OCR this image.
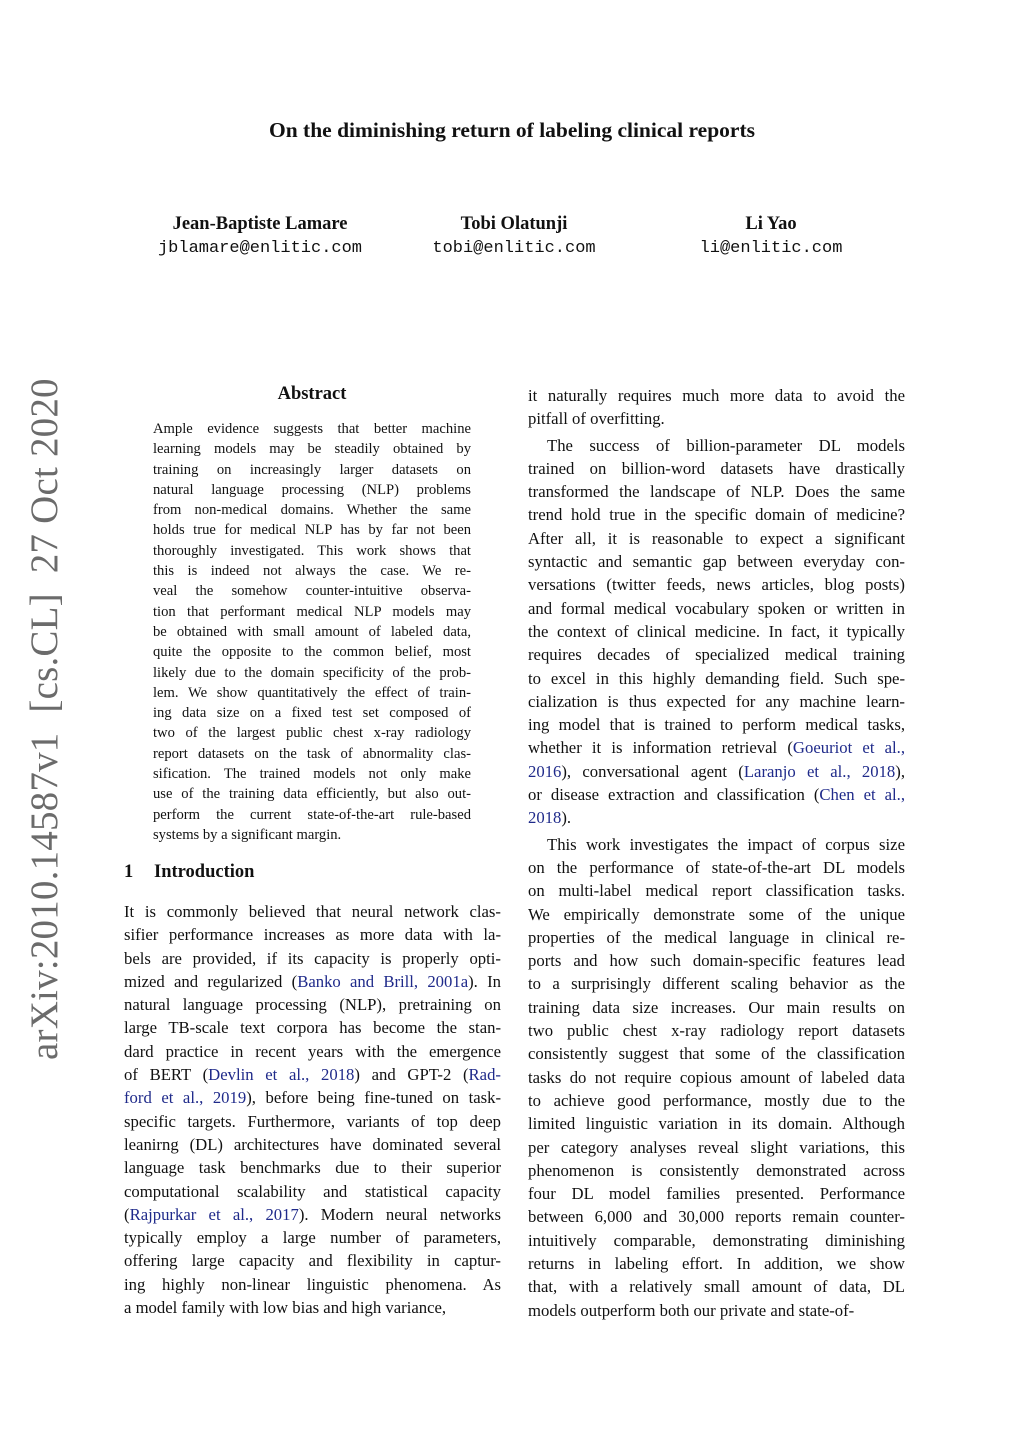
arXiv:2010.14587v1  [cs.CL]  27 Oct 2020
On the diminishing return of labeling clinical reports
Jean-Baptiste Lamare
jblamare@enlitic.com
Tobi Olatunji
tobi@enlitic.com
Li Yao
li@enlitic.com
Abstract
Ample evidence suggests that better machine
learning models may be steadily obtained by
training on increasingly larger datasets on
natural language processing (NLP) problems
from non-medical domains. Whether the same
holds true for medical NLP has by far not been
thoroughly investigated. This work shows that
this is indeed not always the case. We re-
veal the somehow counter-intuitive observa-
tion that performant medical NLP models may
be obtained with small amount of labeled data,
quite the opposite to the common belief, most
likely due to the domain specificity of the prob-
lem. We show quantitatively the effect of train-
ing data size on a fixed test set composed of
two of the largest public chest x-ray radiology
report datasets on the task of abnormality clas-
sification. The trained models not only make
use of the training data efficiently, but also out-
perform the current state-of-the-art rule-based
systems by a significant margin.
1 Introduction
It is commonly believed that neural network clas-
sifier performance increases as more data with la-
bels are provided, if its capacity is properly opti-
mized and regularized (Banko and Brill, 2001a). In
natural language processing (NLP), pretraining on
large TB-scale text corpora has become the stan-
dard practice in recent years with the emergence
of BERT (Devlin et al., 2018) and GPT-2 (Rad-
ford et al., 2019), before being fine-tuned on task-
specific targets. Furthermore, variants of top deep
leanirng (DL) architectures have dominated several
language task benchmarks due to their superior
computational scalability and statistical capacity
(Rajpurkar et al., 2017). Modern neural networks
typically employ a large number of parameters,
offering large capacity and flexibility in captur-
ing highly non-linear linguistic phenomena. As
a model family with low bias and high variance,
it naturally requires much more data to avoid the
pitfall of overfitting.
The success of billion-parameter DL models
trained on billion-word datasets have drastically
transformed the landscape of NLP. Does the same
trend hold true in the specific domain of medicine?
After all, it is reasonable to expect a significant
syntactic and semantic gap between everyday con-
versations (twitter feeds, news articles, blog posts)
and formal medical vocabulary spoken or written in
the context of clinical medicine. In fact, it typically
requires decades of specialized medical training
to excel in this highly demanding field. Such spe-
cialization is thus expected for any machine learn-
ing model that is trained to perform medical tasks,
whether it is information retrieval (Goeuriot et al.,
2016), conversational agent (Laranjo et al., 2018),
or disease extraction and classification (Chen et al.,
2018).
This work investigates the impact of corpus size
on the performance of state-of-the-art DL models
on multi-label medical report classification tasks.
We empirically demonstrate some of the unique
properties of the medical language in clinical re-
ports and how such domain-specific features lead
to a surprisingly different scaling behavior as the
training data size increases. Our main results on
two public chest x-ray radiology report datasets
consistently suggest that some of the classification
tasks do not require copious amount of labeled data
to achieve good performance, mostly due to the
limited linguistic variation in its domain. Although
per category analyses reveal slight variations, this
phenomenon is consistently demonstrated across
four DL model families presented. Performance
between 6,000 and 30,000 reports remain counter-
intuitively comparable, demonstrating diminishing
returns in labeling effort. In addition, we show
that, with a relatively small amount of data, DL
models outperform both our private and state-of-
